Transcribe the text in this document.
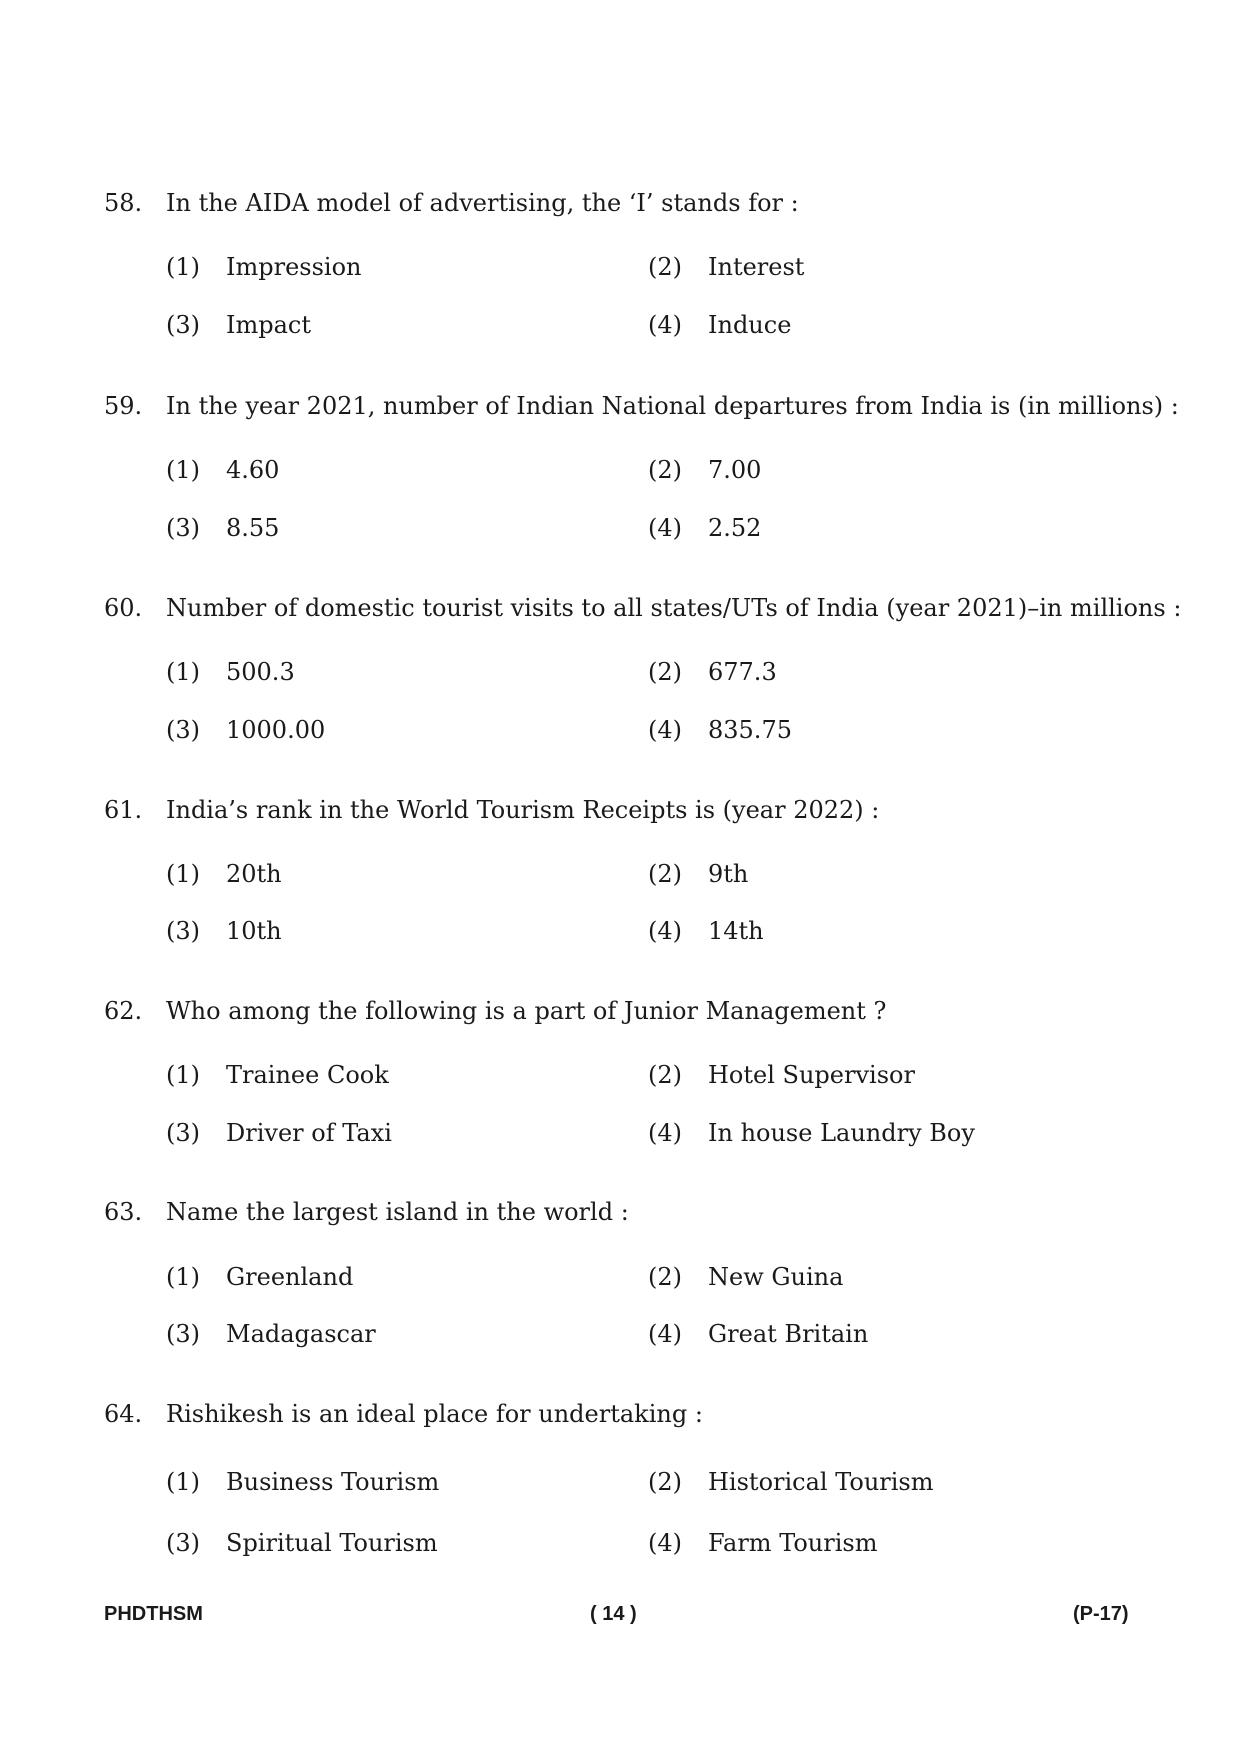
58. In the AIDA model of advertising, the ‘I’ stands for :
(1) Impression	(2) Interest
(3) Impact	(4) Induce
59. In the year 2021, number of Indian National departures from India is (in millions) :
(1) 4.60	(2) 7.00
(3) 8.55	(4) 2.52
60. Number of domestic tourist visits to all states/UTs of India (year 2021)–in millions :
(1) 500.3	(2) 677.3
(3) 1000.00	(4) 835.75
61. India’s rank in the World Tourism Receipts is (year 2022) :
(1) 20th	(2) 9th
(3) 10th	(4) 14th
62. Who among the following is a part of Junior Management ?
(1) Trainee Cook	(2) Hotel Supervisor
(3) Driver of Taxi	(4) In house Laundry Boy
63. Name the largest island in the world :
(1) Greenland	(2) New Guina
(3) Madagascar	(4) Great Britain
64. Rishikesh is an ideal place for undertaking :
(1) Business Tourism	(2) Historical Tourism
(3) Spiritual Tourism	(4) Farm Tourism
PHDTHSM	( 14 )	(P-17)
